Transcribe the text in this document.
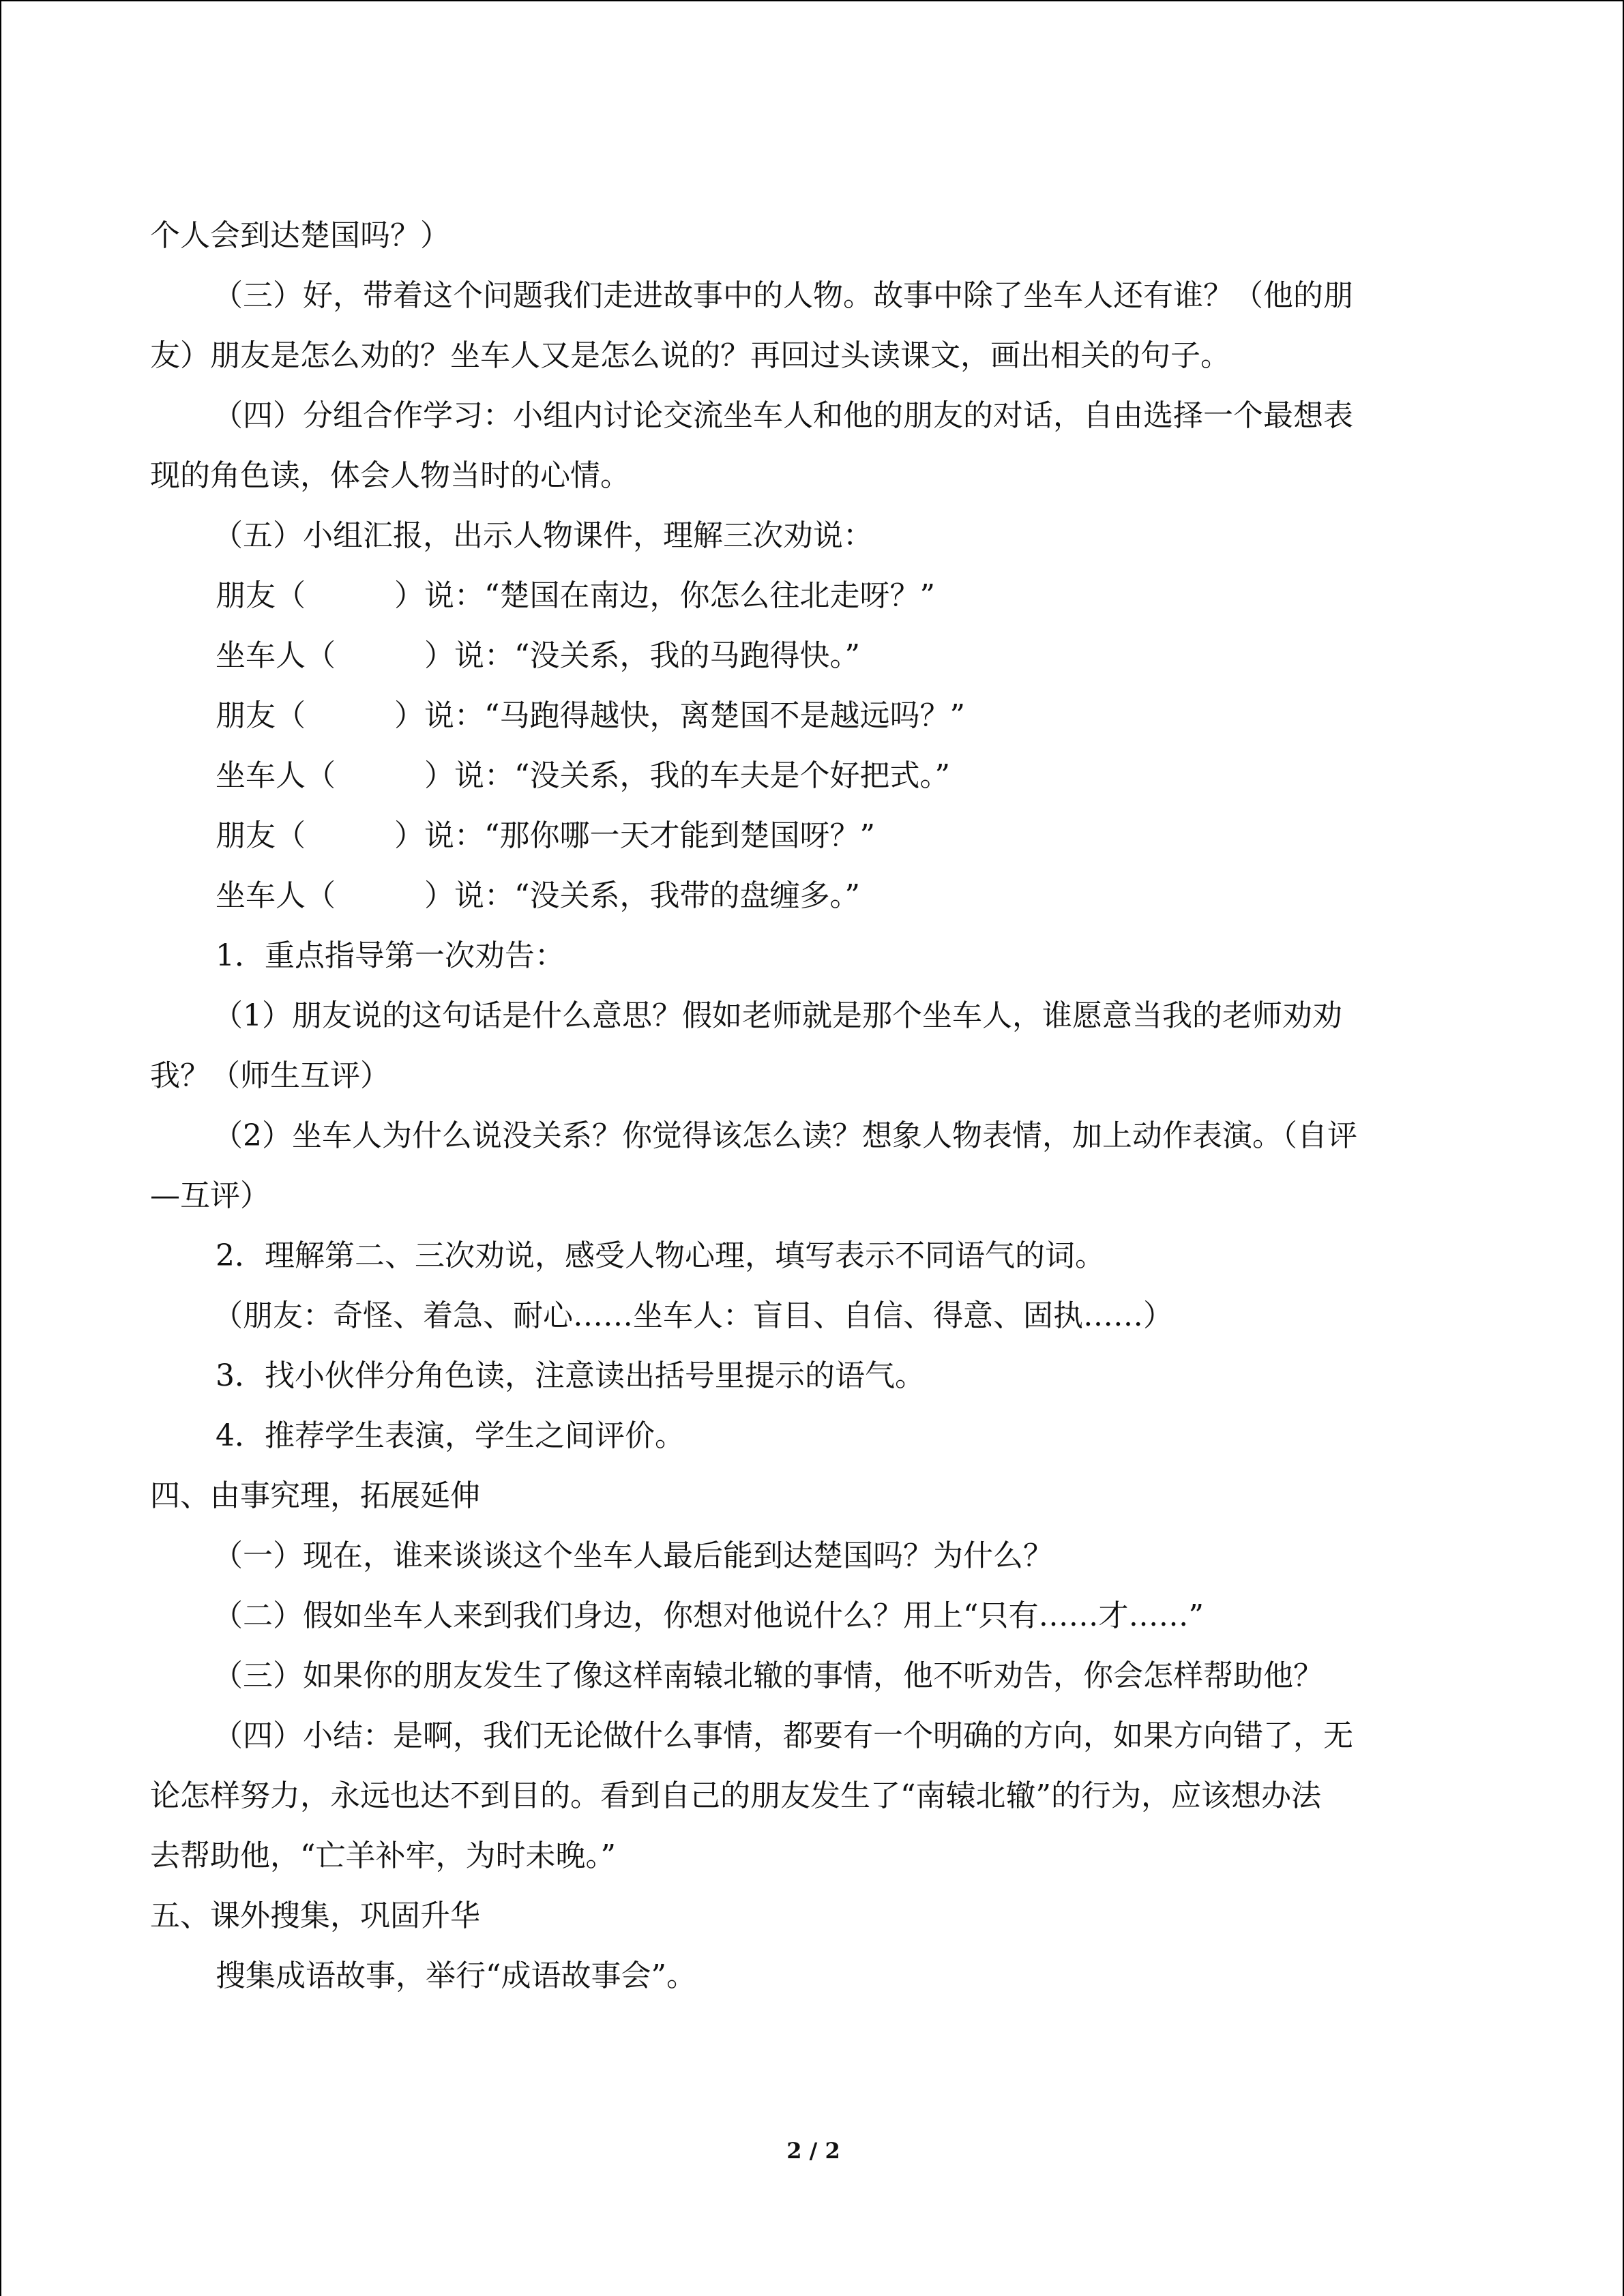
个人会到达楚国吗？）

（三）好，带着这个问题我们走进故事中的人物。故事中除了坐车人还有谁？（他的朋

友）朋友是怎么劝的？坐车人又是怎么说的？再回过头读课文，画出相关的句子。

（四）分组合作学习：小组内讨论交流坐车人和他的朋友的对话，自由选择一个最想表

现的角色读，体会人物当时的心情。

（五）小组汇报，出示人物课件，理解三次劝说：

朋友（	）说：“楚国在南边，你怎么往北走呀？”
坐车人（	）说：“没关系，我的马跑得快。”
朋友（	）说：“马跑得越快，离楚国不是越远吗？”
坐车人（	）说：“没关系，我的车夫是个好把式。”
朋友（	）说：“那你哪一天才能到楚国呀？”
坐车人（	）说：“没关系，我带的盘缠多。”

1．重点指导第一次劝告：

（1）朋友说的这句话是什么意思？假如老师就是那个坐车人，谁愿意当我的老师劝劝

我？（师生互评）

（2）坐车人为什么说没关系？你觉得该怎么读？想象人物表情，加上动作表演。（自评

—互评）

2．理解第二、三次劝说，感受人物心理，填写表示不同语气的词。

（朋友：奇怪、着急、耐心……坐车人：盲目、自信、得意、固执……）

3．找小伙伴分角色读，注意读出括号里提示的语气。

4．推荐学生表演，学生之间评价。

四、由事究理，拓展延伸

（一）现在，谁来谈谈这个坐车人最后能到达楚国吗？为什么？

（二）假如坐车人来到我们身边，你想对他说什么？用上“只有……才……”

（三）如果你的朋友发生了像这样南辕北辙的事情，他不听劝告，你会怎样帮助他？

（四）小结：是啊，我们无论做什么事情，都要有一个明确的方向，如果方向错了，无

论怎样努力，永远也达不到目的。看到自己的朋友发生了“南辕北辙”的行为，应该想办法

去帮助他，“亡羊补牢，为时未晚。”

五、课外搜集，巩固升华

搜集成语故事，举行“成语故事会”。

2 / 2
